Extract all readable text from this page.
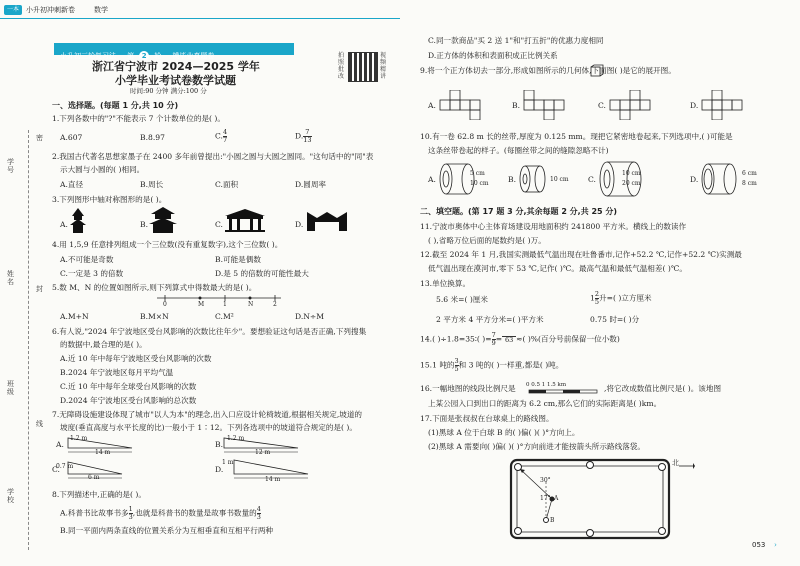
一本	小升初冲刺新卷	数学
学号
姓名
班级
学校
线
封
密
小升初三轮复习法 第 2 轮 模毕业真题卷
浙江省宁波市 2024—2025 学年
小学毕业考试卷数学试题
时间:90 分钟 满分:100 分
拍照批改
视频精讲
一、选择题。(每题 1 分,共 10 分)
1.下列各数中的"?"不能表示 7 个计数单位的是( )。
A.607	B.8.97	C. $\frac{4}{7}$	D. $\frac{7}{13}$
2.我国古代著名思想家墨子在 2400 多年前曾提出:"小圆之圆与大圆之圆同。"这句话中的"同"表
示大圆与小圆的( )相同。
A.直径	B.周长	C.面积	D.圆周率
3.下列图形中轴对称图形的是( )。
A.	B.	C.	D.
4.用 1,5,9 任意排列组成一个三位数(没有重复数字),这个三位数( )。
A.不可能是奇数	B.可能是偶数
C.一定是 3 的倍数	D.是 5 的倍数的可能性最大
5.数 M、N 的位置如图所示,则下列算式中得数最大的是( )。
0	M	1	N	2
A.M+N	B.M×N	C.M²	D.N÷M
6.有人说,"2024 年宁波地区受台风影响的次数比往年少"。要想验证这句话是否正确,下列搜集
的数据中,最合理的是( )。
A.近 10 年中每年宁波地区受台风影响的次数
B.2024 年宁波地区每月平均气温
C.近 10 年中每年全球受台风影响的次数
D.2024 年宁波地区受台风影响的总次数
7.无障碍设施建设体现了城市"以人为本"的理念,出入口应设计轮椅坡道,根据相关规定,坡道的
坡度(垂直高度与水平长度的比)一般小于 1∶12。下列各选项中的坡道符合规定的是( )。
A.
1.2 m
14 m
B.
1.2 m
12 m
C.
0.7 m
6 m
D.
1 m
14 m
8.下列描述中,正确的是( )。
A.科普书比故事书多 $\frac{1}{3}$ ,也就是科普书的数量是故事书数量的 $\frac{4}{3}$
B.同一平面内两条直线的位置关系分为互相垂直和互相平行两种
C.同一款商品"买 2 送 1"和"打五折"的优惠力度相同
D.正方体的体积和表面积成正比例关系
9.将一个正方体切去一部分,形成如图所示的几何体,下面图( )是它的展开图。
A.	B.	C.	D.
10.有一卷 62.8 m 长的丝带,厚度为 0.125 mm。现把它紧密地卷起来,下列选项中,( )可能是
这条丝带卷起的样子。(每圈丝带之间的缝隙忽略不计)
A.
5 cm
10 cm	B.	10 cm	C.
10 cm
20 cm	D.
6 cm
8 cm
二、填空题。(第 17 题 3 分,其余每题 2 分,共 25 分)
11.宁波市奥体中心主体育场建设用地面积约 241800 平方米。横线上的数读作
( ),省略万位后面的尾数约是( )万。
12.截至 2024 年 1 月,我国实测最低气温出现在吐鲁番市,记作+52.2 ℃,记作+52.2 ℃)实测最
低气温出现在漠河市,零下 53 ℃,记作( )℃。最高气温和最低气温相差( )℃。
13.单位换算。
5.6 米=( )厘米	$1 \frac{2}{5}$ 升=( )立方厘米
2 平方米 4 平方分米=( )平方米	0.75 时=( )分
14.( )÷1.8=35∶( )= $\frac{7}{9} = 63$ ≈( )%(百分号前保留一位小数)
15.1 吨的 $\frac{3}{5}$ 和 3 吨的( )一样重,都是( )吨。
16.一幅地图的线段比例尺是 0 0.5 1 1.5 km	,将它改成数值比例尺是( )。该地图
上某公园入口到出口的距离为 6.2 cm,那么它们的实际距离是( )km。
17.下面是张叔叔在台球桌上的路线图。
(1)黑球 A 位于白球 B 的( )偏( )( )°方向上。
(2)黑球 A 需要向( )偏( )( )°方向前进才能按箭头所示路线落袋。
30°
17° A
B
北
053 ›
